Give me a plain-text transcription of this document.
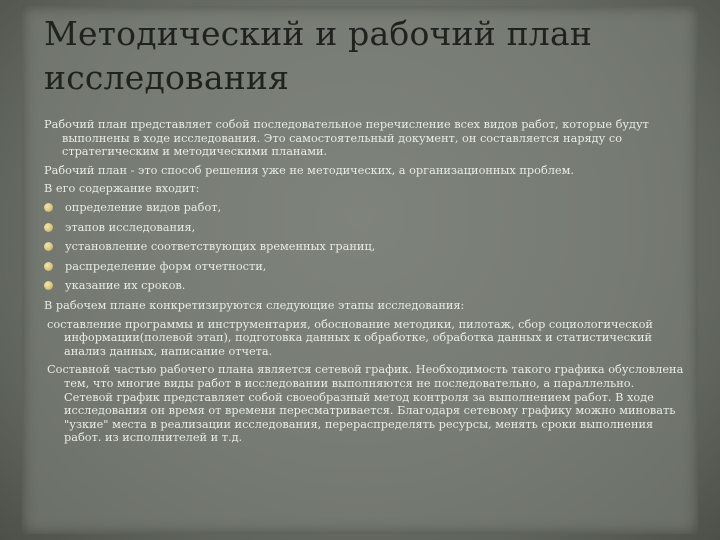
Методический и рабочий план
исследования

Рабочий план представляет собой последовательное перечисление всех видов работ, которые будут выполнены в ходе исследования. Это самостоятельный документ, он составляется наряду со стратегическим и методическими планами.

Рабочий план - это способ решения уже не методических, а организационных проблем.

В его содержание входит:

определение видов работ,
этапов исследования,
установление соответствующих временных границ,
распределение форм отчетности,
указание их сроков.

В рабочем плане конкретизируются следующие этапы исследования:

составление программы и инструментария, обоснование методики, пилотаж, сбор социологической информации(полевой этап), подготовка данных к обработке, обработка данных и статистический анализ данных, написание отчета.

Составной частью рабочего плана является сетевой график. Необходимость такого графика обусловлена тем, что многие виды работ в исследовании выполняются не последовательно, а параллельно. Сетевой график представляет собой своеобразный метод контроля за выполнением работ. В ходе исследования он время от времени пересматривается. Благодаря сетевому графику можно миновать "узкие" места в реализации исследования, перераспределять ресурсы, менять сроки выполнения работ. из исполнителей и т.д.
